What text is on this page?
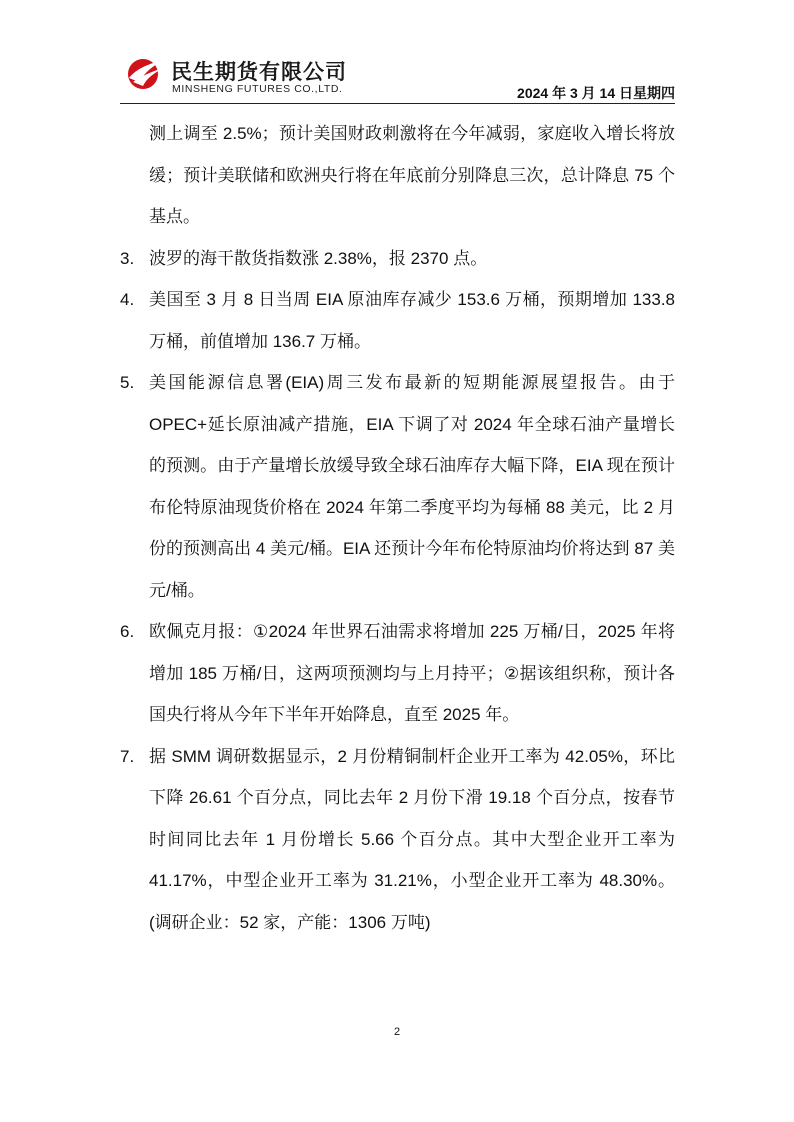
民生期货有限公司
MINSHENG FUTURES CO.,LTD.	2024 年 3 月 14 日星期四

测上调至 2.5%；预计美国财政刺激将在今年减弱，家庭收入增长将放缓；预计美联储和欧洲央行将在年底前分别降息三次，总计降息 75 个基点。

3. 波罗的海干散货指数涨 2.38%，报 2370 点。

4. 美国至 3 月 8 日当周 EIA 原油库存减少 153.6 万桶，预期增加 133.8 万桶，前值增加 136.7 万桶。

5. 美国能源信息署(EIA)周三发布最新的短期能源展望报告。由于 OPEC+延长原油减产措施，EIA 下调了对 2024 年全球石油产量增长的预测。由于产量增长放缓导致全球石油库存大幅下降，EIA 现在预计布伦特原油现货价格在 2024 年第二季度平均为每桶 88 美元，比 2 月份的预测高出 4 美元/桶。EIA 还预计今年布伦特原油均价将达到 87 美元/桶。

6. 欧佩克月报：①2024 年世界石油需求将增加 225 万桶/日，2025 年将增加 185 万桶/日，这两项预测均与上月持平；②据该组织称，预计各国央行将从今年下半年开始降息，直至 2025 年。

7. 据 SMM 调研数据显示，2 月份精铜制杆企业开工率为 42.05%，环比下降 26.61 个百分点，同比去年 2 月份下滑 19.18 个百分点，按春节时间同比去年 1 月份增长 5.66 个百分点。其中大型企业开工率为 41.17%，中型企业开工率为 31.21%，小型企业开工率为 48.30%。(调研企业：52 家，产能：1306 万吨)

2
